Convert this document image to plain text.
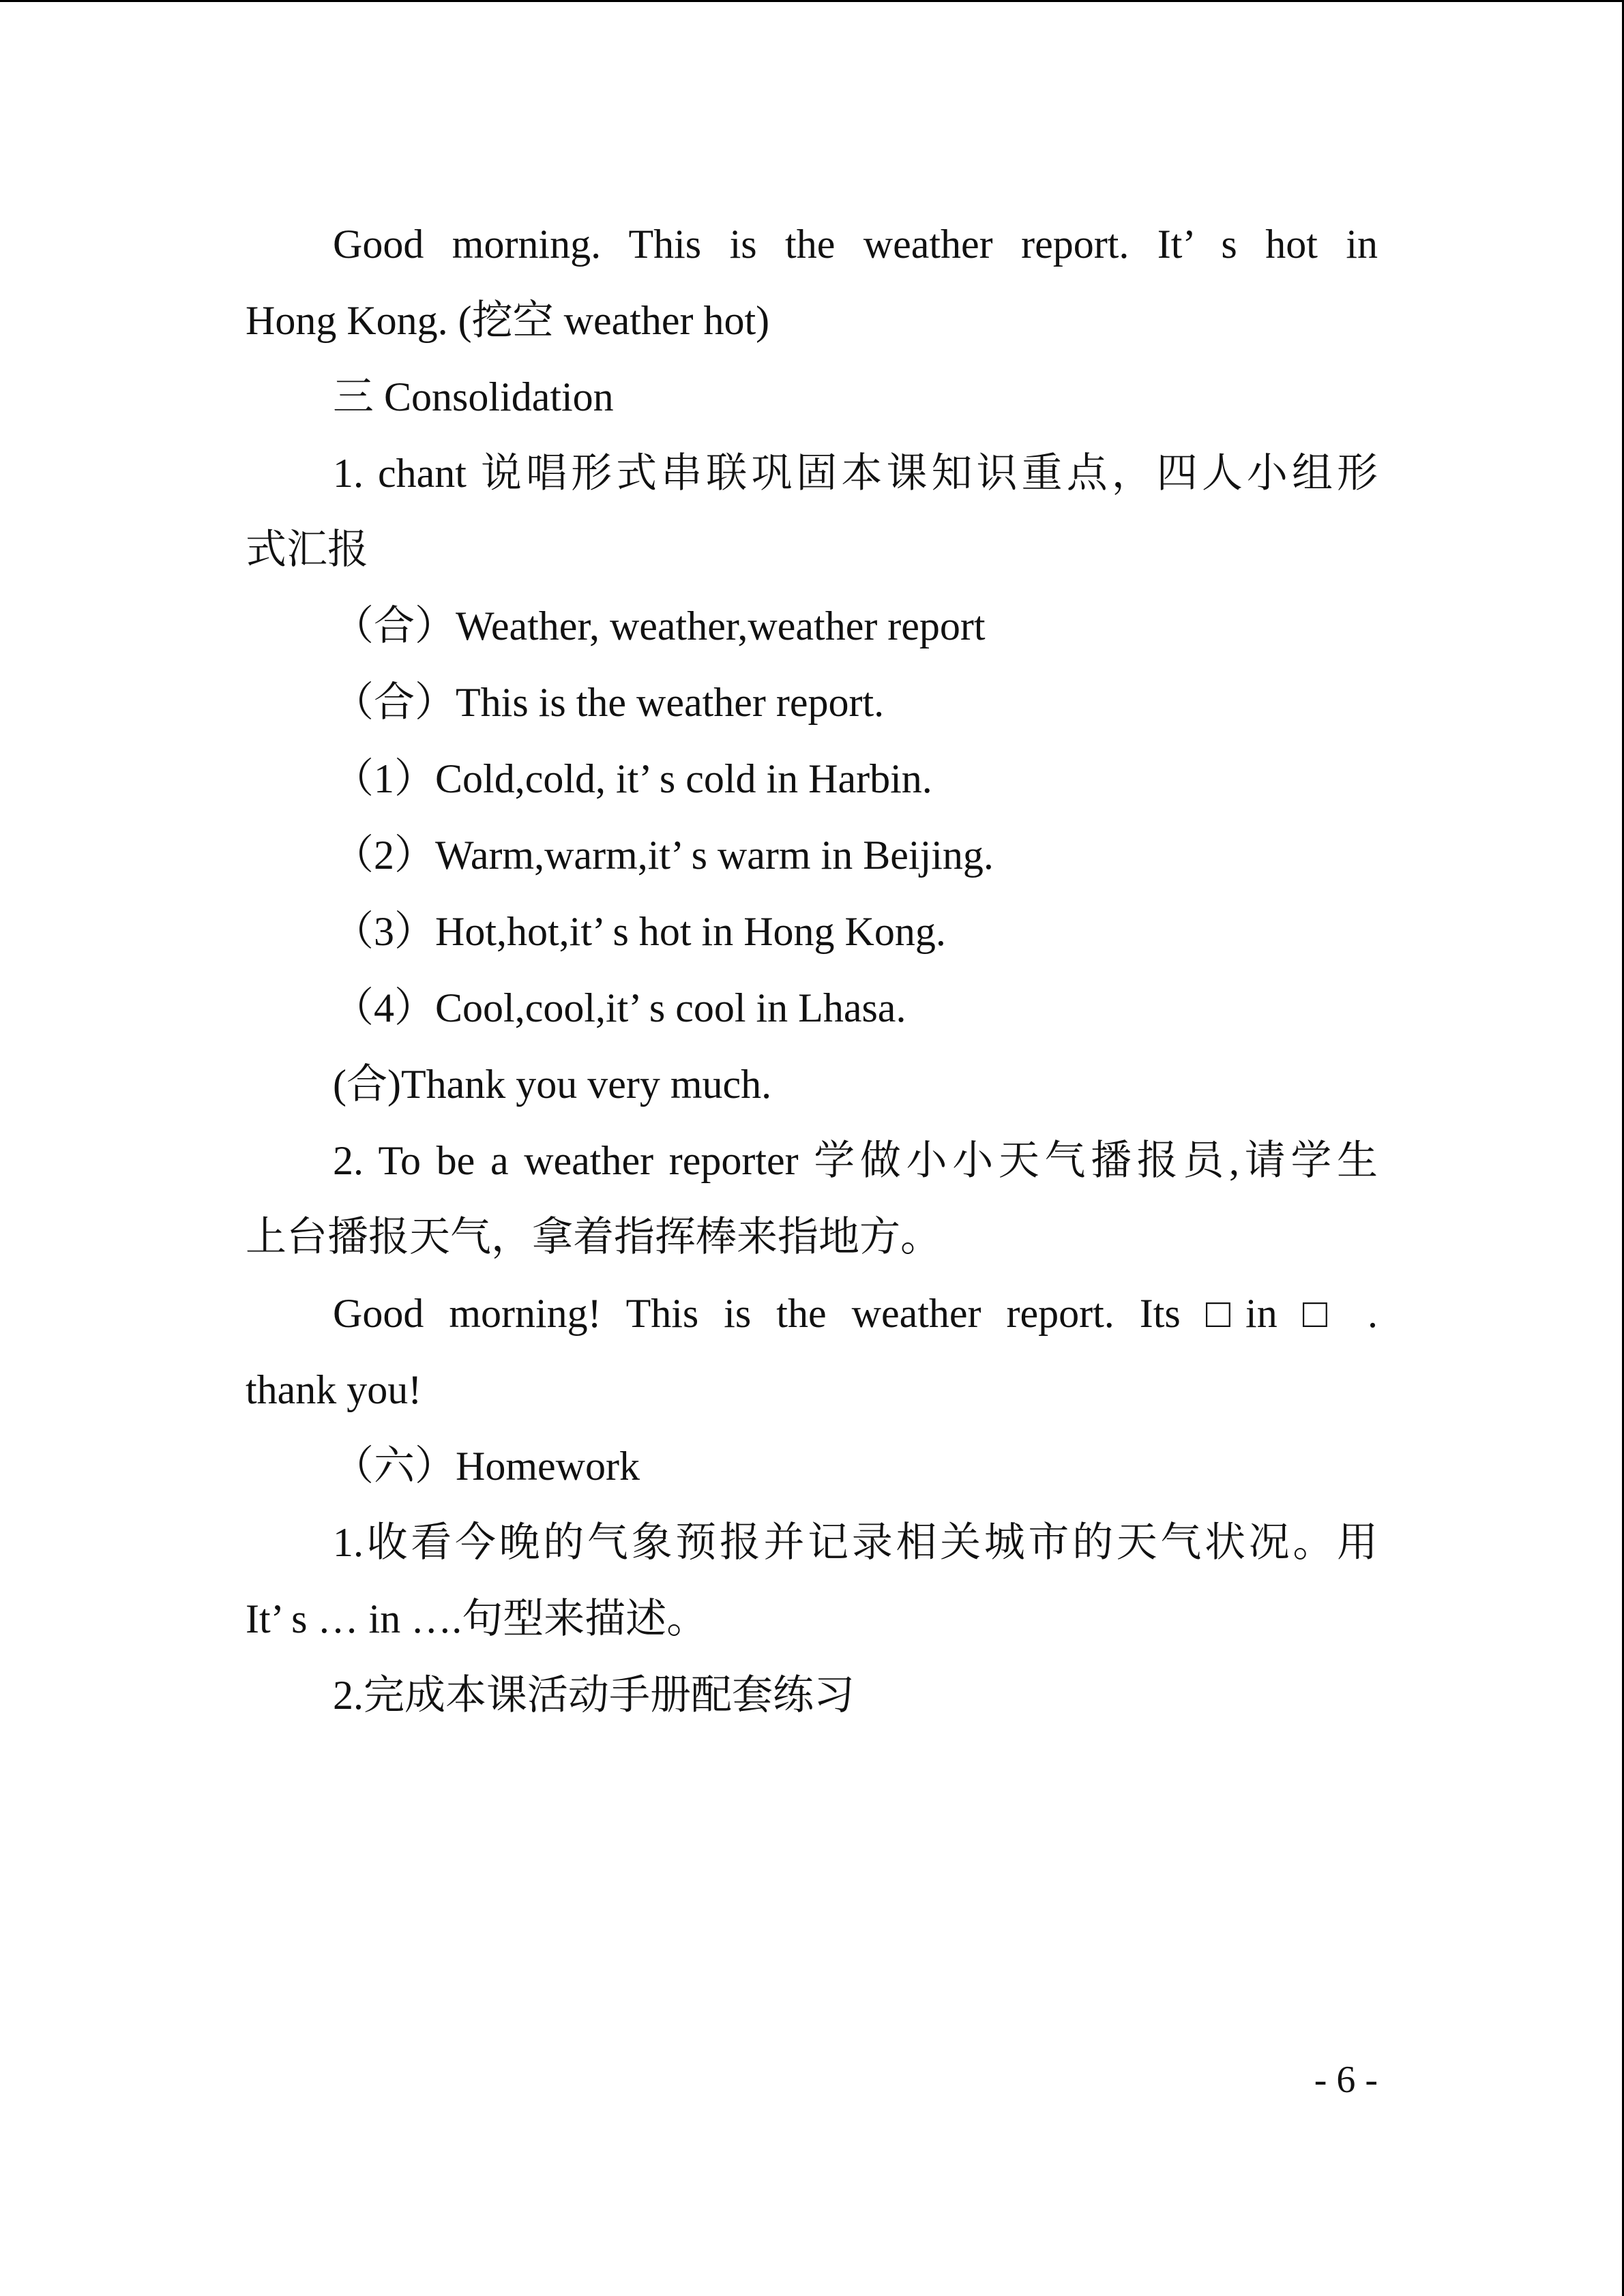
Good morning. This is the weather report. It’ s hot in
Hong Kong. (挖空 weather hot)
三 Consolidation
1. chant 说唱形式串联巩固本课知识重点，四人小组形
式汇报
（合）Weather, weather,weather report
（合）This is the weather report.
（1）Cold,cold, it’ s cold in Harbin.
（2）Warm,warm,it’ s warm in Beijing.
（3）Hot,hot,it’ s hot in Hong Kong.
（4）Cool,cool,it’ s cool in Lhasa.
(合)Thank you very much.
2. To be a weather reporter 学做小小天气播报员,请学生
上台播报天气，拿着指挥棒来指地方。
Good morning! This is the weather report. Its □in □ .
thank you!
（六）Homework
1.收看今晚的气象预报并记录相关城市的天气状况。用
It’ s … in ….句型来描述。
2.完成本课活动手册配套练习
- 6 -
